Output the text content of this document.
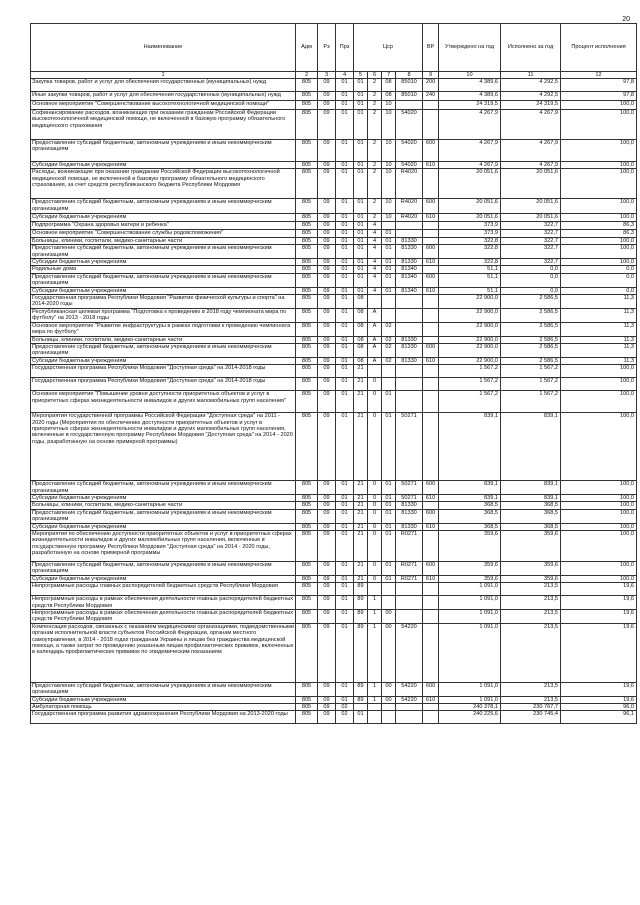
20
Наименование	Адм	Рз	Прз	Цср				ВР	Утверждено на год	Исполнено за год	Процент исполнения
1	2	3	4	5	6	7	8	9	10	11	12
Закупка товаров, работ и услуг для обеспечения государственных (муниципальных) нужд	805	09	01	01	2	08	85010	200	4 389,6	4 292,5	97,8
Иные закупки товаров, работ и услуг для обеспечения государственных (муниципальных) нужд	805	09	01	01	2	08	85010	240	4 389,6	4 292,5	97,8
Основное мероприятие "Совершенствование высокотехнологичной медицинской помощи"	805	09	01	01	2	10			24 319,5	24 319,5	100,0
Софинансирование расходов, возникающих при оказании гражданам Российской Федерации высокотехнологичной медицинской помощи, не включенной в базовую программу обязательного медицинского страхования	805	09	01	01	2	10	54020		4 267,9	4 267,9	100,0
Предоставление субсидий бюджетным, автономным учреждениям и иным некоммерческим организациям	805	09	01	01	2	10	54020	600	4 267,9	4 267,9	100,0
Субсидии бюджетным учреждениям	805	09	01	01	2	10	54020	610	4 267,9	4 267,9	100,0
Расходы, возникающие при оказании гражданам Российской Федерации высокотехнологичной медицинской помощи, не включенной в базовую программу обязательного медицинского страхования, за счет средств республиканского бюджета Республики Мордовия	805	09	01	01	2	10	R4020		20 051,6	20 051,6	100,0
Предоставление субсидий бюджетным, автономным учреждениям и иным некоммерческим организациям	805	09	01	01	2	10	R4020	600	20 051,6	20 051,6	100,0
Субсидии бюджетным учреждениям	805	09	01	01	2	10	R4020	610	20 051,6	20 051,6	100,0
Подпрограмма "Охрана здоровья матери и ребенка"	805	09	01	01	4				373,9	322,7	86,3
Основное мероприятие "Совершенствование службы родовспоможения"	805	09	01	01	4	01			373,9	322,7	86,3
Больницы, клиники, госпитали, медико-санитарные части	805	09	01	01	4	01	81330		322,8	322,7	100,0
Предоставление субсидий бюджетным, автономным учреждениям и иным некоммерческим организациям	805	09	01	01	4	01	81330	600	322,8	322,7	100,0
Субсидии бюджетным учреждениям	805	09	01	01	4	01	81330	610	322,8	322,7	100,0
Родильные дома	805	09	01	01	4	01	81340		51,1	0,0	0,0
Предоставление субсидий бюджетным, автономным учреждениям и иным некоммерческим организациям	805	09	01	01	4	01	81340	600	51,1	0,0	0,0
Субсидии бюджетным учреждениям	805	09	01	01	4	01	81340	610	51,1	0,0	0,0
Государственная программа Республики Мордовия "Развитие физической культуры и спорта" на 2014-2020 годы	805	09	01	08					22 900,0	2 586,5	11,3
Республиканская целевая программа "Подготовка к проведению в 2018 году чемпионата мира по футболу" на 2013 - 2018 годы	805	09	01	08	А				22 900,0	2 586,5	11,3
Основное мероприятие "Развитие инфраструктуры в рамках подготовки к проведению чемпионата мира по футболу"	805	09	01	08	А	02			22 900,0	2 586,5	11,3
Больницы, клиники, госпитали, медико-санитарные части	805	09	01	08	А	02	81330		22 900,0	2 586,5	11,3
Предоставление субсидий бюджетным, автономным учреждениям и иным некоммерческим организациям	805	09	01	08	А	02	81330	600	22 900,0	2 586,5	11,3
Субсидии бюджетным учреждениям	805	09	01	08	А	02	81330	610	22 900,0	2 586,5	11,3
Государственная программа Республики Мордовия "Доступная среда" на 2014-2018 годы	805	09	01	21					1 567,2	1 567,2	100,0
Государственная программа Республики Мордовия "Доступная среда" на 2014-2018 годы	805	09	01	21	0				1 567,2	1 567,2	100,0
Основное мероприятие "Повышение уровня доступности приоритетных объектов и услуг в приоритетных сферах жизнедеятельности инвалидов и других маломобильных групп населения"	805	09	01	21	0	01			1 567,2	1 567,2	100,0
Мероприятия государственной программы Российской Федерации "Доступная среда" на 2011 - 2020 годы (Мероприятия по обеспечению доступности приоритетных объектов и услуг в приоритетных сферах жизнедеятельности инвалидов и других маломобильных групп населения, включенные в государственную программу Республики Мордовия "Доступная среда" на 2014 - 2020 годы, разработанную на основе примерной программы)	805	09	01	21	0	01	50271		839,1	839,1	100,0
Предоставление субсидий бюджетным, автономным учреждениям и иным некоммерческим организациям	805	09	01	21	0	01	50271	600	839,1	839,1	100,0
Субсидии бюджетным учреждениям	805	09	01	21	0	01	50271	610	839,1	839,1	100,0
Больницы, клиники, госпитали, медико-санитарные части	805	09	01	21	0	01	81330		368,5	368,5	100,0
Предоставление субсидий бюджетным, автономным учреждениям и иным некоммерческим организациям	805	09	01	21	0	01	81330	600	368,5	368,5	100,0
Субсидии бюджетным учреждениям	805	09	01	21	0	01	81330	610	368,5	368,5	100,0
Мероприятия по обеспечению доступности приоритетных объектов и услуг в приоритетных сферах жизнедеятельности инвалидов и других маломобильных групп населения, включенные в государственную программу Республики Мордовия "Доступная среда" на 2014 - 2020 годы, разработанную на основе примерной программы	805	09	01	21	0	01	R0271		359,6	359,6	100,0
Предоставление субсидий бюджетным, автономным учреждениям и иным некоммерческим организациям	805	09	01	21	0	01	R0271	600	359,6	359,6	100,0
Субсидии бюджетным учреждениям	805	09	01	21	0	01	R0271	610	359,6	359,6	100,0
Непрограммные расходы главных распорядителей бюджетных средств Республики Мордовия	805	09	01	89					1 091,0	213,5	19,6
Непрограммные расходы в рамках обеспечения деятельности главных распорядителей бюджетных средств Республики Мордовия	805	09	01	89	1				1 091,0	213,5	19,6
Непрограммные расходы в рамках обеспечения деятельности главных распорядителей бюджетных средств Республики Мордовия	805	09	01	89	1	00			1 091,0	213,5	19,6
Компенсация расходов, связанных с оказанием медицинскими организациями, подведомственными органам исполнительной власти субъектов Российской Федерации, органам местного самоуправления, в 2014 - 2018 годах гражданам Украины и лицам без гражданства медицинской помощи, а также затрат по проведению указанным лицам профилактических прививок, включенных в календарь профилактических прививок по эпидемическим показаниям	805	09	01	89	1	00	54220		1 091,0	213,5	19,6
Предоставление субсидий бюджетным, автономным учреждениям и иным некоммерческим организациям	805	09	01	89	1	00	54220	600	1 091,0	213,5	19,6
Субсидии бюджетным учреждениям	805	09	01	89	1	00	54220	610	1 091,0	213,5	19,6
Амбулаторная помощь	805	09	02						240 378,1	230 767,7	96,0
Государственная программа развития здравоохранения Республики Мордовия на 2013-2020 годы	805	09	02	01					240 225,6	230 745,4	96,1
